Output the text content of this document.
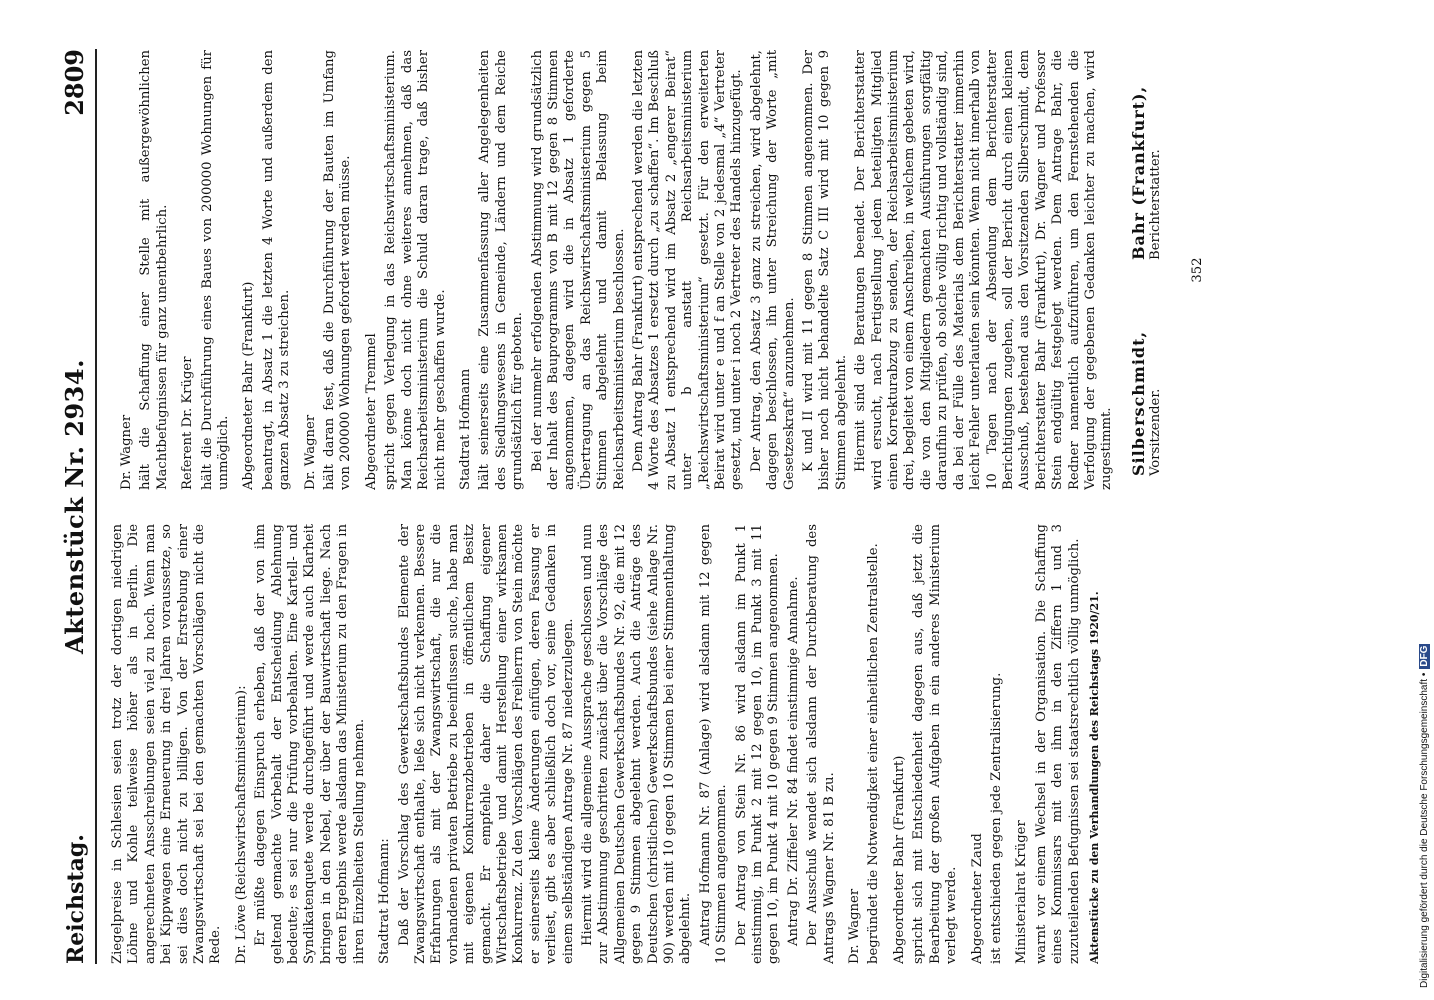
Reichstag.
Aktenstück Nr. 2934.
2809

Ziegelpreise in Schlesien seien trotz der dortigen niedrigen Löhne und Kohle teilweise höher als in Berlin. Die angerechneten Ansschreibungen seien viel zu hoch. Wenn man bei Kippwagen eine Erneuerung in drei Jahren voraussetze, so sei dies doch nicht zu billigen. Von der Erstrebung einer Zwangswirtschaft sei bei den gemachten Vorschlägen nicht die Rede. Dr. Löwe (Reichswirtschaftsministerium): Er müßte dagegen Einspruch erheben, daß der von ihm geltend gemachte Vorbehalt der Entscheidung Ablehnung bedeute; es sei nur die Prüfung vorbehalten. Eine Kartell- und Syndikatenquete werde durchgeführt und werde auch Klarheit bringen in den Nebel, der über der Bauwirtschaft liege. Nach deren Ergebnis werde alsdann das Ministerium zu den Fragen in ihren Einzelheiten Stellung nehmen. Stadtrat Hofmann: Daß der Vorschlag des Gewerkschaftsbundes Elemente der Zwangswirtschaft enthalte, ließe sich nicht verkennen. Bessere Erfahrungen als mit der Zwangswirtschaft, die nur die vorhandenen privaten Betriebe zu beeinflussen suche, habe man mit eigenen Konkurrenzbetrieben in öffentlichem Besitz gemacht. Er empfehle daher die Schaffung eigener Wirtschaftsbetriebe und damit Herstellung einer wirksamen Konkurrenz. Zu den Vorschlägen des Freiherrn von Stein möchte er seinerseits kleine Änderungen einfügen, deren Fassung er verliest, gibt es aber schließlich doch vor, seine Gedanken in einem selbständigen Antrage Nr. 87 niederzulegen. Hiermit wird die allgemeine Aussprache geschlossen und nun zur Abstimmung geschritten zunächst über die Vorschläge des Allgemeinen Deutschen Gewerkschaftsbundes Nr. 92, die mit 12 gegen 9 Stimmen abgelehnt werden. Auch die Anträge des Deutschen (christlichen) Gewerkschaftsbundes (siehe Anlage Nr. 90) werden mit 10 gegen 10 Stimmen bei einer Stimmenthaltung abgelehnt. Antrag Hofmann Nr. 87 (Anlage) wird alsdann mit 12 gegen 10 Stimmen angenommen. Der Antrag von Stein Nr. 86 wird alsdann im Punkt 1 einstimmig, im Punkt 2 mit 12 gegen 10, im Punkt 3 mit 11 gegen 10, im Punkt 4 mit 10 gegen 9 Stimmen angenommen. Antrag Dr. Ziffeler Nr. 84 findet einstimmige Annahme. Der Ausschuß wendet sich alsdann der Durchberatung des Antrags Wagner Nr. 81 B zu. Dr. Wagner begründet die Notwendigkeit einer einheitlichen Zentralstelle. Abgeordneter Bahr (Frankfurt) spricht sich mit Entschiedenheit dagegen aus, daß jetzt die Bearbeitung der großen Aufgaben in ein anderes Ministerium verlegt werde. Abgeordneter Zaud ist entschieden gegen jede Zentralisierung. Ministerialrat Krüger warnt vor einem Wechsel in der Organisation. Die Schaffung eines Kommissars mit den ihm in den Ziffern 1 und 3 zuzuteilenden Befugnissen sei staatsrechtlich völlig unmöglich. Aktenstücke zu den Verhandlungen des Reichstags 1920/21.

Dr. Wagner hält die Schaffung einer Stelle mit außergewöhnlichen Machtbefugnissen für ganz unentbehrlich. Referent Dr. Krüger hält die Durchführung eines Baues von 200000 Wohnungen für unmöglich. Abgeordneter Bahr (Frankfurt) beantragt, in Absatz 1 die letzten 4 Worte und außerdem den ganzen Absatz 3 zu streichen. Dr. Wagner hält daran fest, daß die Durchführung der Bauten im Umfang von 200000 Wohnungen gefordert werden müsse. Abgeordneter Tremmel spricht gegen Verlegung in das Reichswirtschaftsministerium. Man könne doch nicht ohne weiteres annehmen, daß das Reichsarbeitsministerium die Schuld daran trage, daß bisher nicht mehr geschaffen wurde. Stadtrat Hofmann hält seinerseits eine Zusammenfassung aller Angelegenheiten des Siedlungswesens in Gemeinde, Ländern und dem Reiche grundsätzlich für geboten. Bei der nunmehr erfolgenden Abstimmung wird grundsätzlich der Inhalt des Bauprogramms von B mit 12 gegen 8 Stimmen angenommen, dagegen wird die in Absatz 1 geforderte Übertragung an das Reichswirtschaftsministerium gegen 5 Stimmen abgelehnt und damit Belassung beim Reichsarbeitsministerium beschlossen. Dem Antrag Bahr (Frankfurt) entsprechend werden die letzten 4 Worte des Absatzes 1 ersetzt durch „zu schaffen“. Im Beschluß zu Absatz 1 entsprechend wird im Absatz 2 „engerer Beirat“ unter b anstatt Reichsarbeitsministerium „Reichswirtschaftsministerium“ gesetzt. Für den erweiterten Beirat wird unter e und f an Stelle von 2 jedesmal „4“ Vertreter gesetzt, und unter i noch 2 Vertreter des Handels hinzugefügt. Der Antrag, den Absatz 3 ganz zu streichen, wird abgelehnt, dagegen beschlossen, ihn unter Streichung der Worte „mit Gesetzeskraft“ anzunehmen. K und II wird mit 11 gegen 8 Stimmen angenommen. Der bisher noch nicht behandelte Satz C III wird mit 10 gegen 9 Stimmen abgelehnt. Hiermit sind die Beratungen beendet. Der Berichterstatter wird ersucht, nach Fertigstellung jedem beteiligten Mitglied einen Korrekturabzug zu senden, der Reichsarbeitsministerium drei, begleitet von einem Anschreiben, in welchem gebeten wird, die von den Mitgliedern gemachten Ausführungen sorgfältig daraufhin zu prüfen, ob solche völlig richtig und vollständig sind, da bei der Fülle des Materials dem Berichterstatter immerhin leicht Fehler unterlaufen sein könnten. Wenn nicht innerhalb von 10 Tagen nach der Absendung dem Berichterstatter Berichtigungen zugehen, soll der Bericht durch einen kleinen Ausschuß, bestehend aus den Vorsitzenden Silberschmidt, dem Berichterstatter Bahr (Frankfurt), Dr. Wagner und Professor Stein endgültig festgelegt werden. Dem Antrage Bahr, die Redner namentlich aufzuführen, um den Fernstehenden die Verfolgung der gegebenen Gedanken leichter zu machen, wird zugestimmt. Silberschmidt, Vorsitzender.
Bahr (Frankfurt), Berichterstatter.
352
Digitalisierung gefördert durch die Deutsche Forschungsgemeinschaft •DFG
